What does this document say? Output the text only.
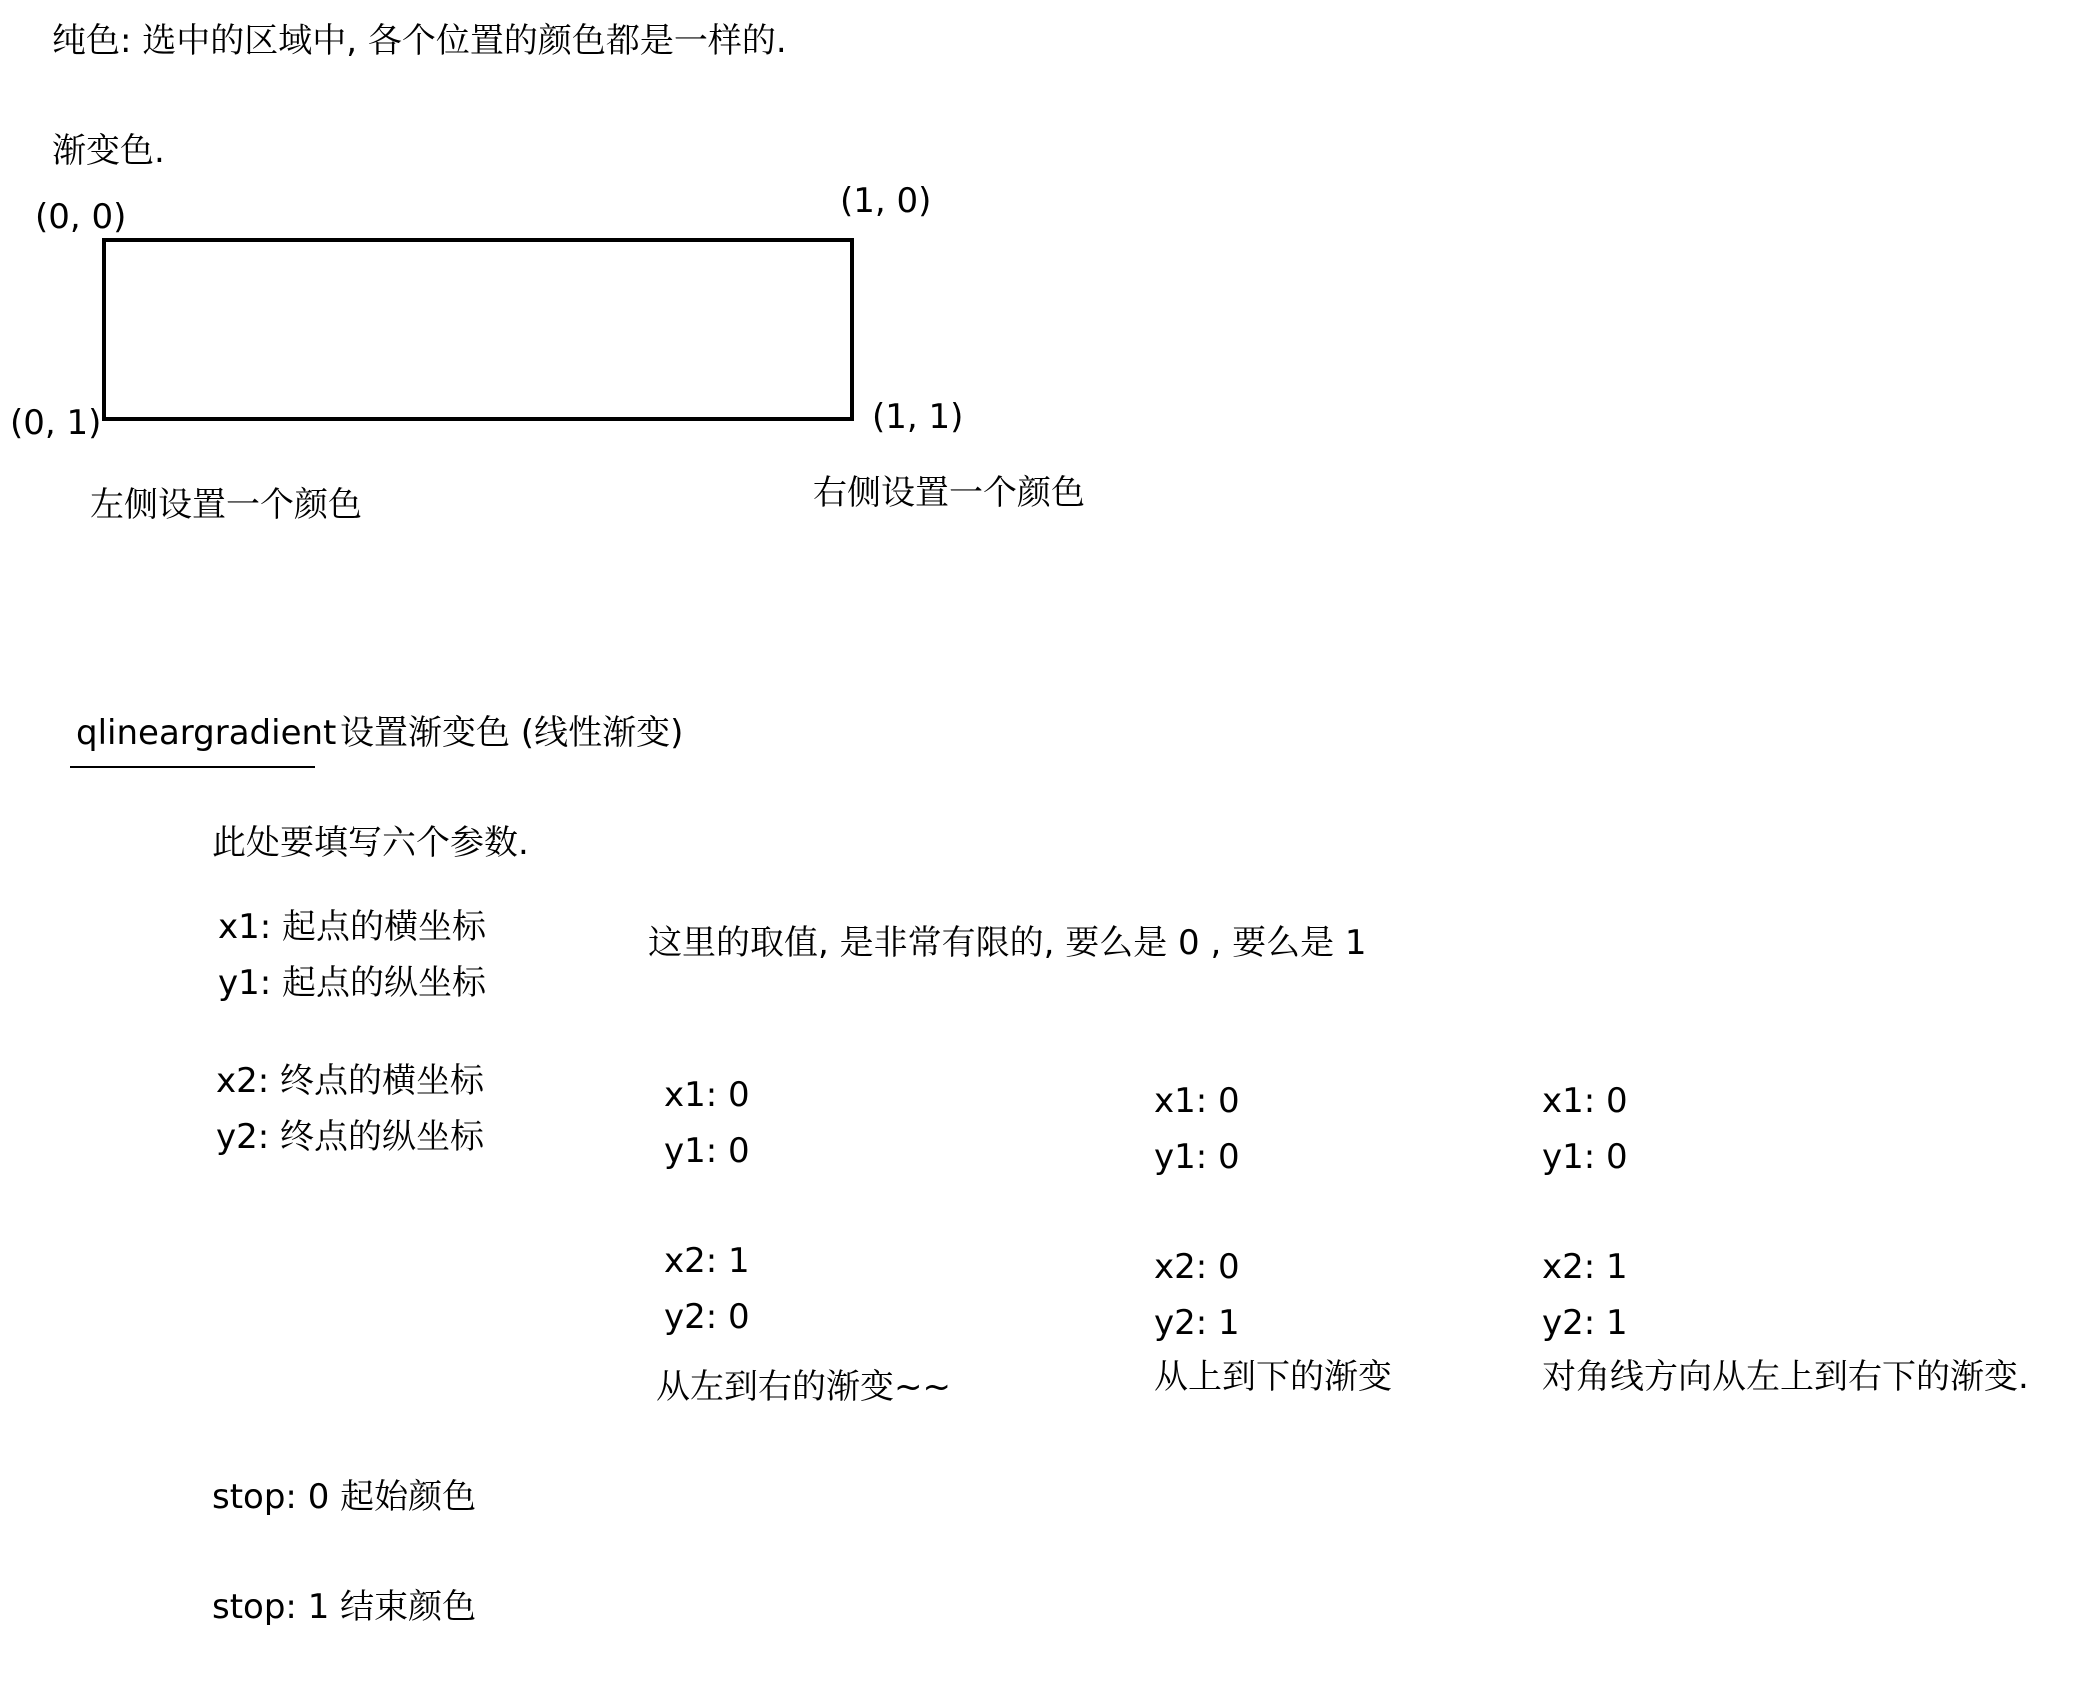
纯色: 选中的区域中, 各个位置的颜色都是一样的.
渐变色.
(0, 0)	(1, 0)
(0, 1)	(1, 1)
左侧设置一个颜色	右侧设置一个颜色
qlineargradient 设置渐变色 (线性渐变)
此处要填写六个参数.
x1: 起点的横坐标
y1: 起点的纵坐标
x2: 终点的横坐标
y2: 终点的纵坐标
这里的取值, 是非常有限的, 要么是 0 , 要么是 1
x1: 0
y1: 0
x2: 1
y2: 0
从左到右的渐变~~
x1: 0
y1: 0
x2: 0
y2: 1
从上到下的渐变
x1: 0
y1: 0
x2: 1
y2: 1
对角线方向从左上到右下的渐变.
stop: 0 起始颜色
stop: 1 结束颜色
